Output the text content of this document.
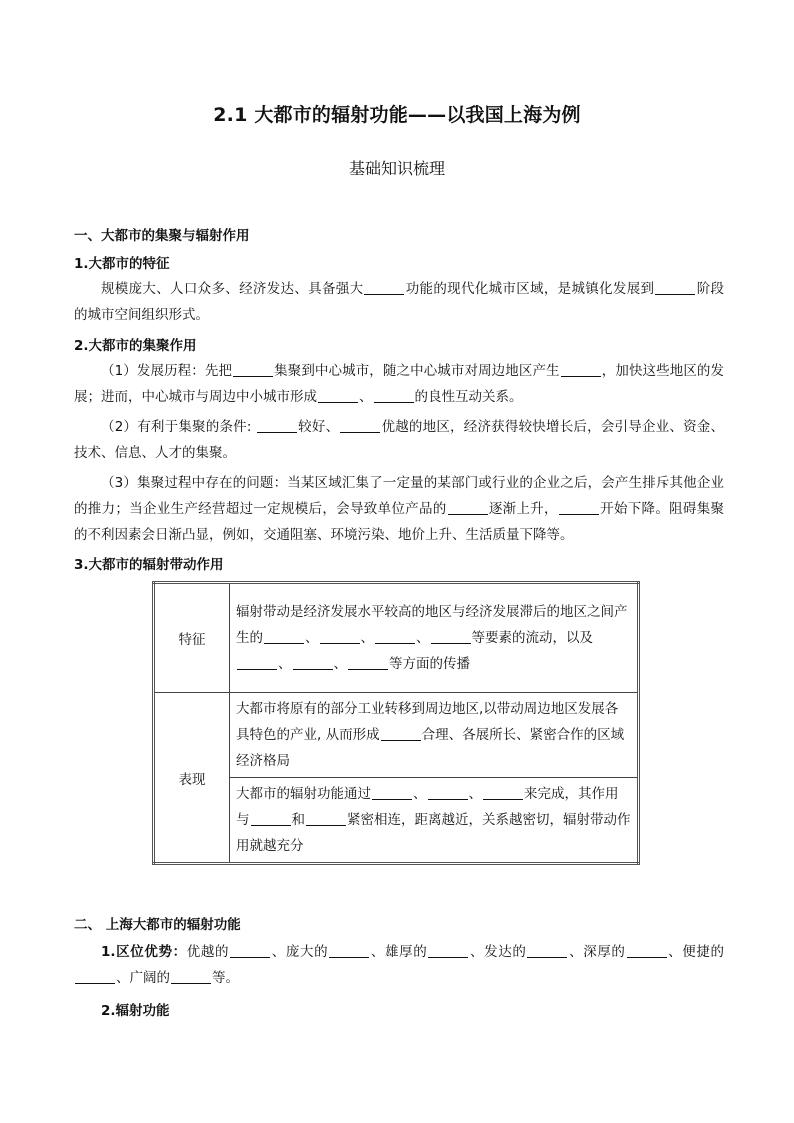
2.1 大都市的辐射功能——以我国上海为例
基础知识梳理
一、大都市的集聚与辐射作用
1.大都市的特征
规模庞大、人口众多、经济发达、具备强大	功能的现代化城市区域，是城镇化发展到	阶段的城市空间组织形式。
2.大都市的集聚作用
（1）发展历程：先把	集聚到中心城市，随之中心城市对周边地区产生	，加快这些地区的发展；进而，中心城市与周边中小城市形成	、	的良性互动关系。
（2）有利于集聚的条件:	较好、	优越的地区，经济获得较快增长后，会引导企业、资金、技术、信息、人才的集聚。
（3）集聚过程中存在的问题：当某区域汇集了一定量的某部门或行业的企业之后，会产生排斥其他企业的推力；当企业生产经营超过一定规模后，会导致单位产品的	逐渐上升，	开始下降。阻碍集聚的不利因素会日渐凸显，例如，交通阻塞、环境污染、地价上升、生活质量下降等。
3.大都市的辐射带动作用
特征	辐射带动是经济发展水平较高的地区与经济发展滞后的地区之间产生的 、 、 、 等要素的流动，以及、 、 等方面的传播
表现	大都市将原有的部分工业转移到周边地区,以带动周边地区发展各具特色的产业, 从而形成 合理、各展所长、紧密合作的区域经济格局
	大都市的辐射功能通过 、 、 来完成，其作用与 和 紧密相连，距离越近，关系越密切，辐射带动作用就越充分
二、 上海大都市的辐射功能
1.区位优势：优越的	、庞大的	、雄厚的	、发达的	、深厚的	、便捷的、广阔的	等。
2.辐射功能
